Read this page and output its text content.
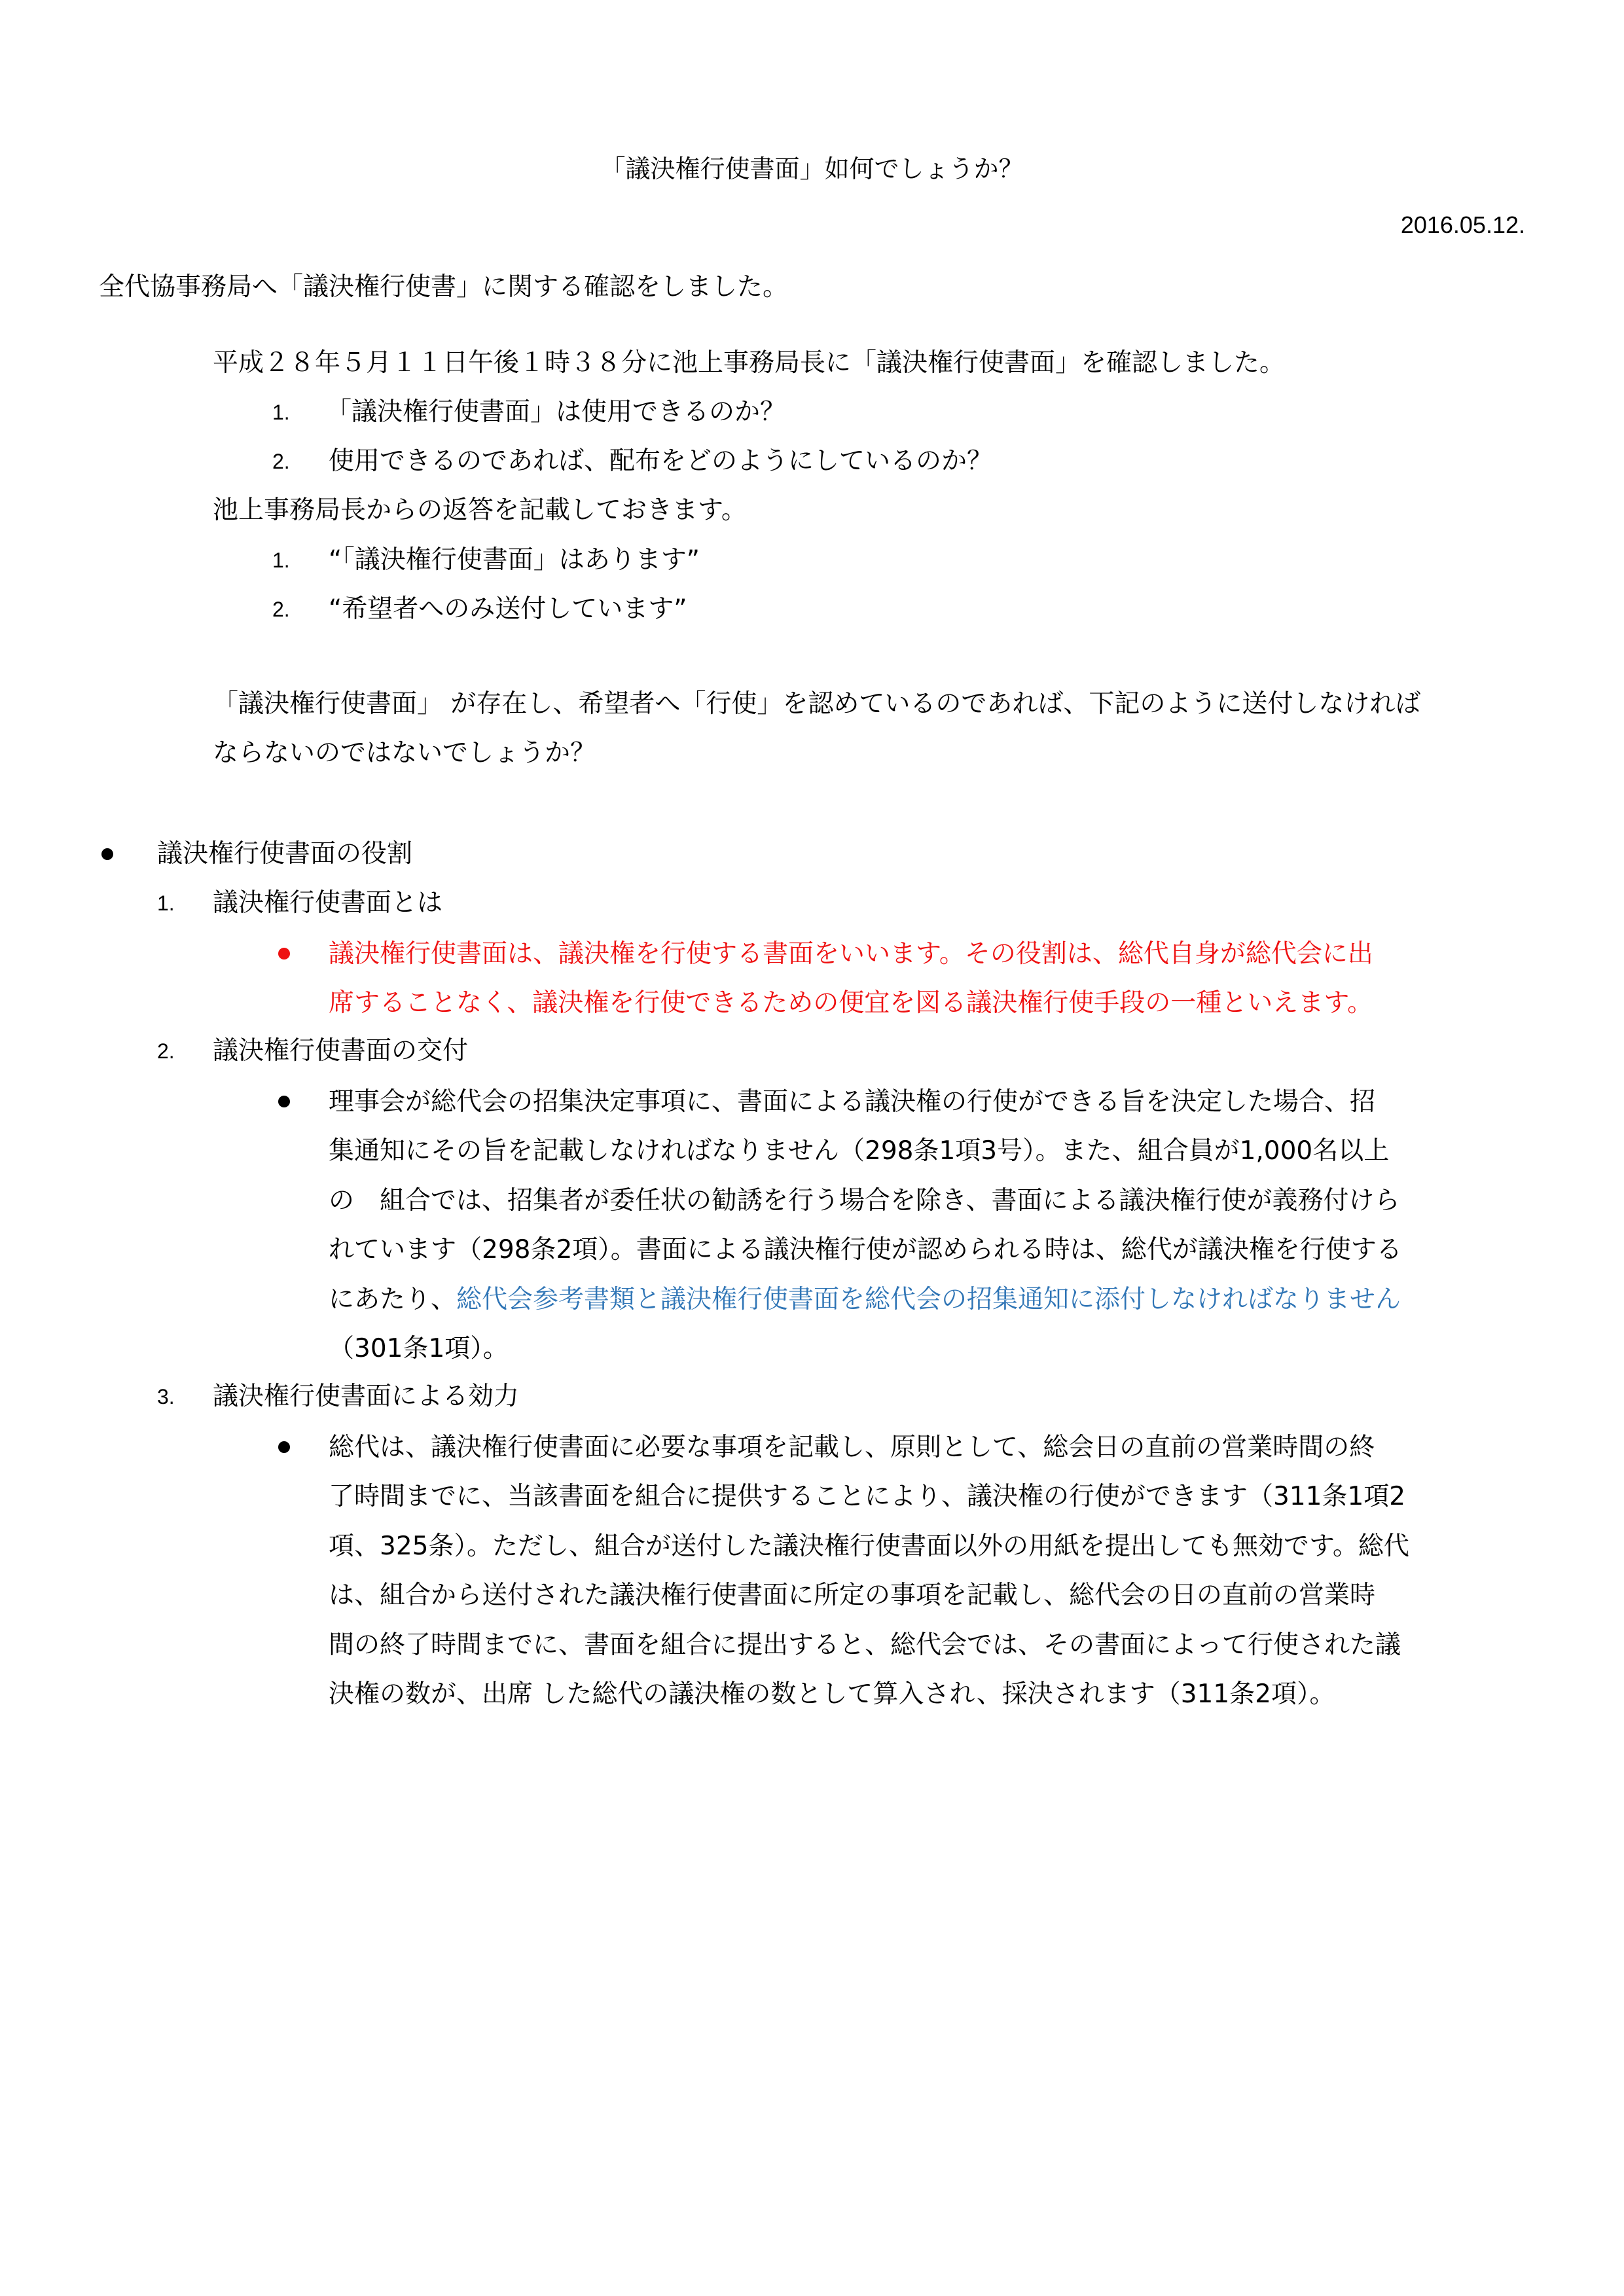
「議決権行使書面」如何でしょうか？
2016.05.12.
全代協事務局へ「議決権行使書」に関する確認をしました。
平成２８年５月１１日午後１時３８分に池上事務局長に「議決権行使書面」を確認しました。
1. 「議決権行使書面」は使用できるのか？
2. 使用できるのであれば、配布をどのようにしているのか？
池上事務局長からの返答を記載しておきます。
1. “「議決権行使書面」はあります”
2. “希望者へのみ送付しています”
「議決権行使書面」 が存在し、希望者へ「行使」を認めているのであれば、下記のように送付しなければ
ならないのではないでしょうか？
議決権行使書面の役割
1. 議決権行使書面とは
議決権行使書面は、議決権を行使する書面をいいます。その役割は、総代自身が総代会に出
席することなく、議決権を行使できるための便宜を図る議決権行使手段の一種といえます。
2. 議決権行使書面の交付
理事会が総代会の招集決定事項に、書面による議決権の行使ができる旨を決定した場合、招
集通知にその旨を記載しなければなりません（298条1項3号）。また、組合員が1,000名以上
の　組合では、招集者が委任状の勧誘を行う場合を除き、書面による議決権行使が義務付けら
れています（298条2項）。書面による議決権行使が認められる時は、総代が議決権を行使する
にあたり、総代会参考書類と議決権行使書面を総代会の招集通知に添付しなければなりません
（301条1項）。
3. 議決権行使書面による効力
総代は、議決権行使書面に必要な事項を記載し、原則として、総会日の直前の営業時間の終
了時間までに、当該書面を組合に提供することにより、議決権の行使ができます（311条1項2
項、325条）。ただし、組合が送付した議決権行使書面以外の用紙を提出しても無効です。総代
は、組合から送付された議決権行使書面に所定の事項を記載し、総代会の日の直前の営業時
間の終了時間までに、書面を組合に提出すると、総代会では、その書面によって行使された議
決権の数が、出席 した総代の議決権の数として算入され、採決されます（311条2項）。
